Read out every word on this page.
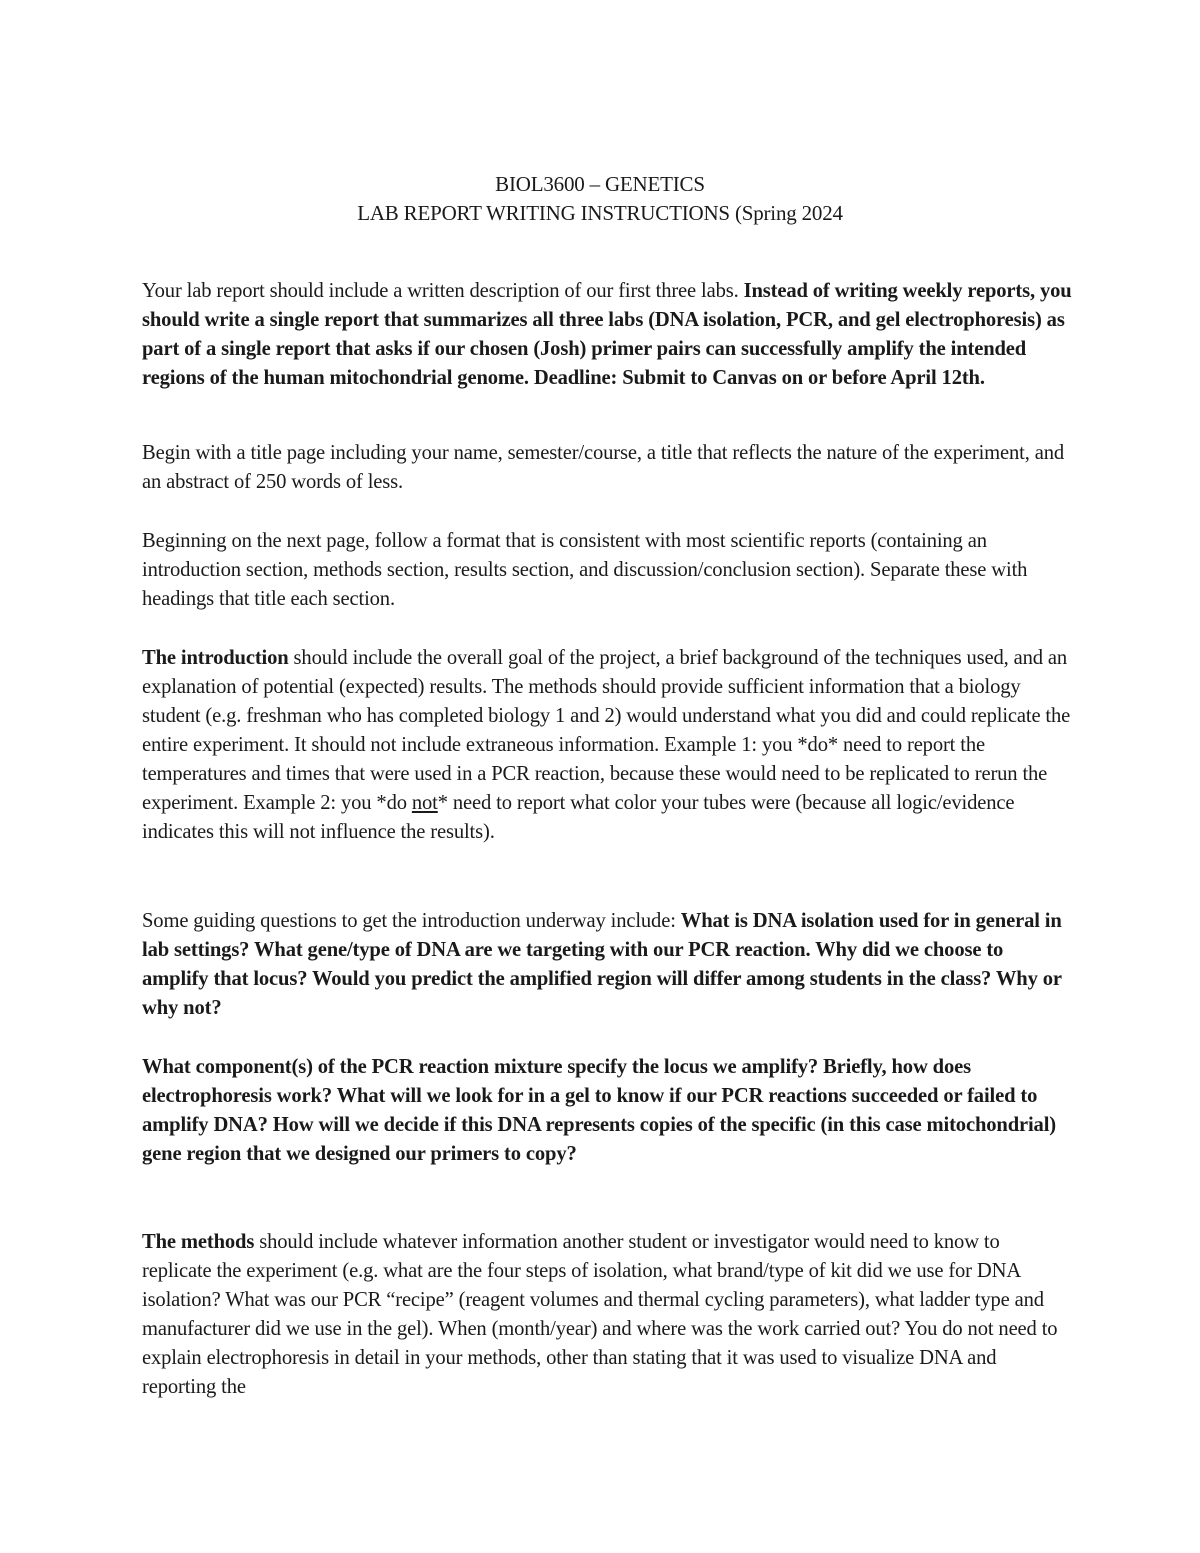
BIOL3600 – GENETICS
LAB REPORT WRITING INSTRUCTIONS (Spring 2024
Your lab report should include a written description of our first three labs. Instead of writing weekly reports, you should write a single report that summarizes all three labs (DNA isolation, PCR, and gel electrophoresis) as part of a single report that asks if our chosen (Josh) primer pairs can successfully amplify the intended regions of the human mitochondrial genome. Deadline: Submit to Canvas on or before April 12th.
Begin with a title page including your name, semester/course, a title that reflects the nature of the experiment, and an abstract of 250 words of less.
Beginning on the next page, follow a format that is consistent with most scientific reports (containing an introduction section, methods section, results section, and discussion/conclusion section). Separate these with headings that title each section.
The introduction should include the overall goal of the project, a brief background of the techniques used, and an explanation of potential (expected) results. The methods should provide sufficient information that a biology student (e.g. freshman who has completed biology 1 and 2) would understand what you did and could replicate the entire experiment. It should not include extraneous information. Example 1: you *do* need to report the temperatures and times that were used in a PCR reaction, because these would need to be replicated to rerun the experiment. Example 2: you *do not* need to report what color your tubes were (because all logic/evidence indicates this will not influence the results).
Some guiding questions to get the introduction underway include: What is DNA isolation used for in general in lab settings? What gene/type of DNA are we targeting with our PCR reaction. Why did we choose to amplify that locus? Would you predict the amplified region will differ among students in the class? Why or why not?
What component(s) of the PCR reaction mixture specify the locus we amplify? Briefly, how does electrophoresis work? What will we look for in a gel to know if our PCR reactions succeeded or failed to amplify DNA? How will we decide if this DNA represents copies of the specific (in this case mitochondrial) gene region that we designed our primers to copy?
The methods should include whatever information another student or investigator would need to know to replicate the experiment (e.g. what are the four steps of isolation, what brand/type of kit did we use for DNA isolation? What was our PCR “recipe” (reagent volumes and thermal cycling parameters), what ladder type and manufacturer did we use in the gel). When (month/year) and where was the work carried out? You do not need to explain electrophoresis in detail in your methods, other than stating that it was used to visualize DNA and reporting the
